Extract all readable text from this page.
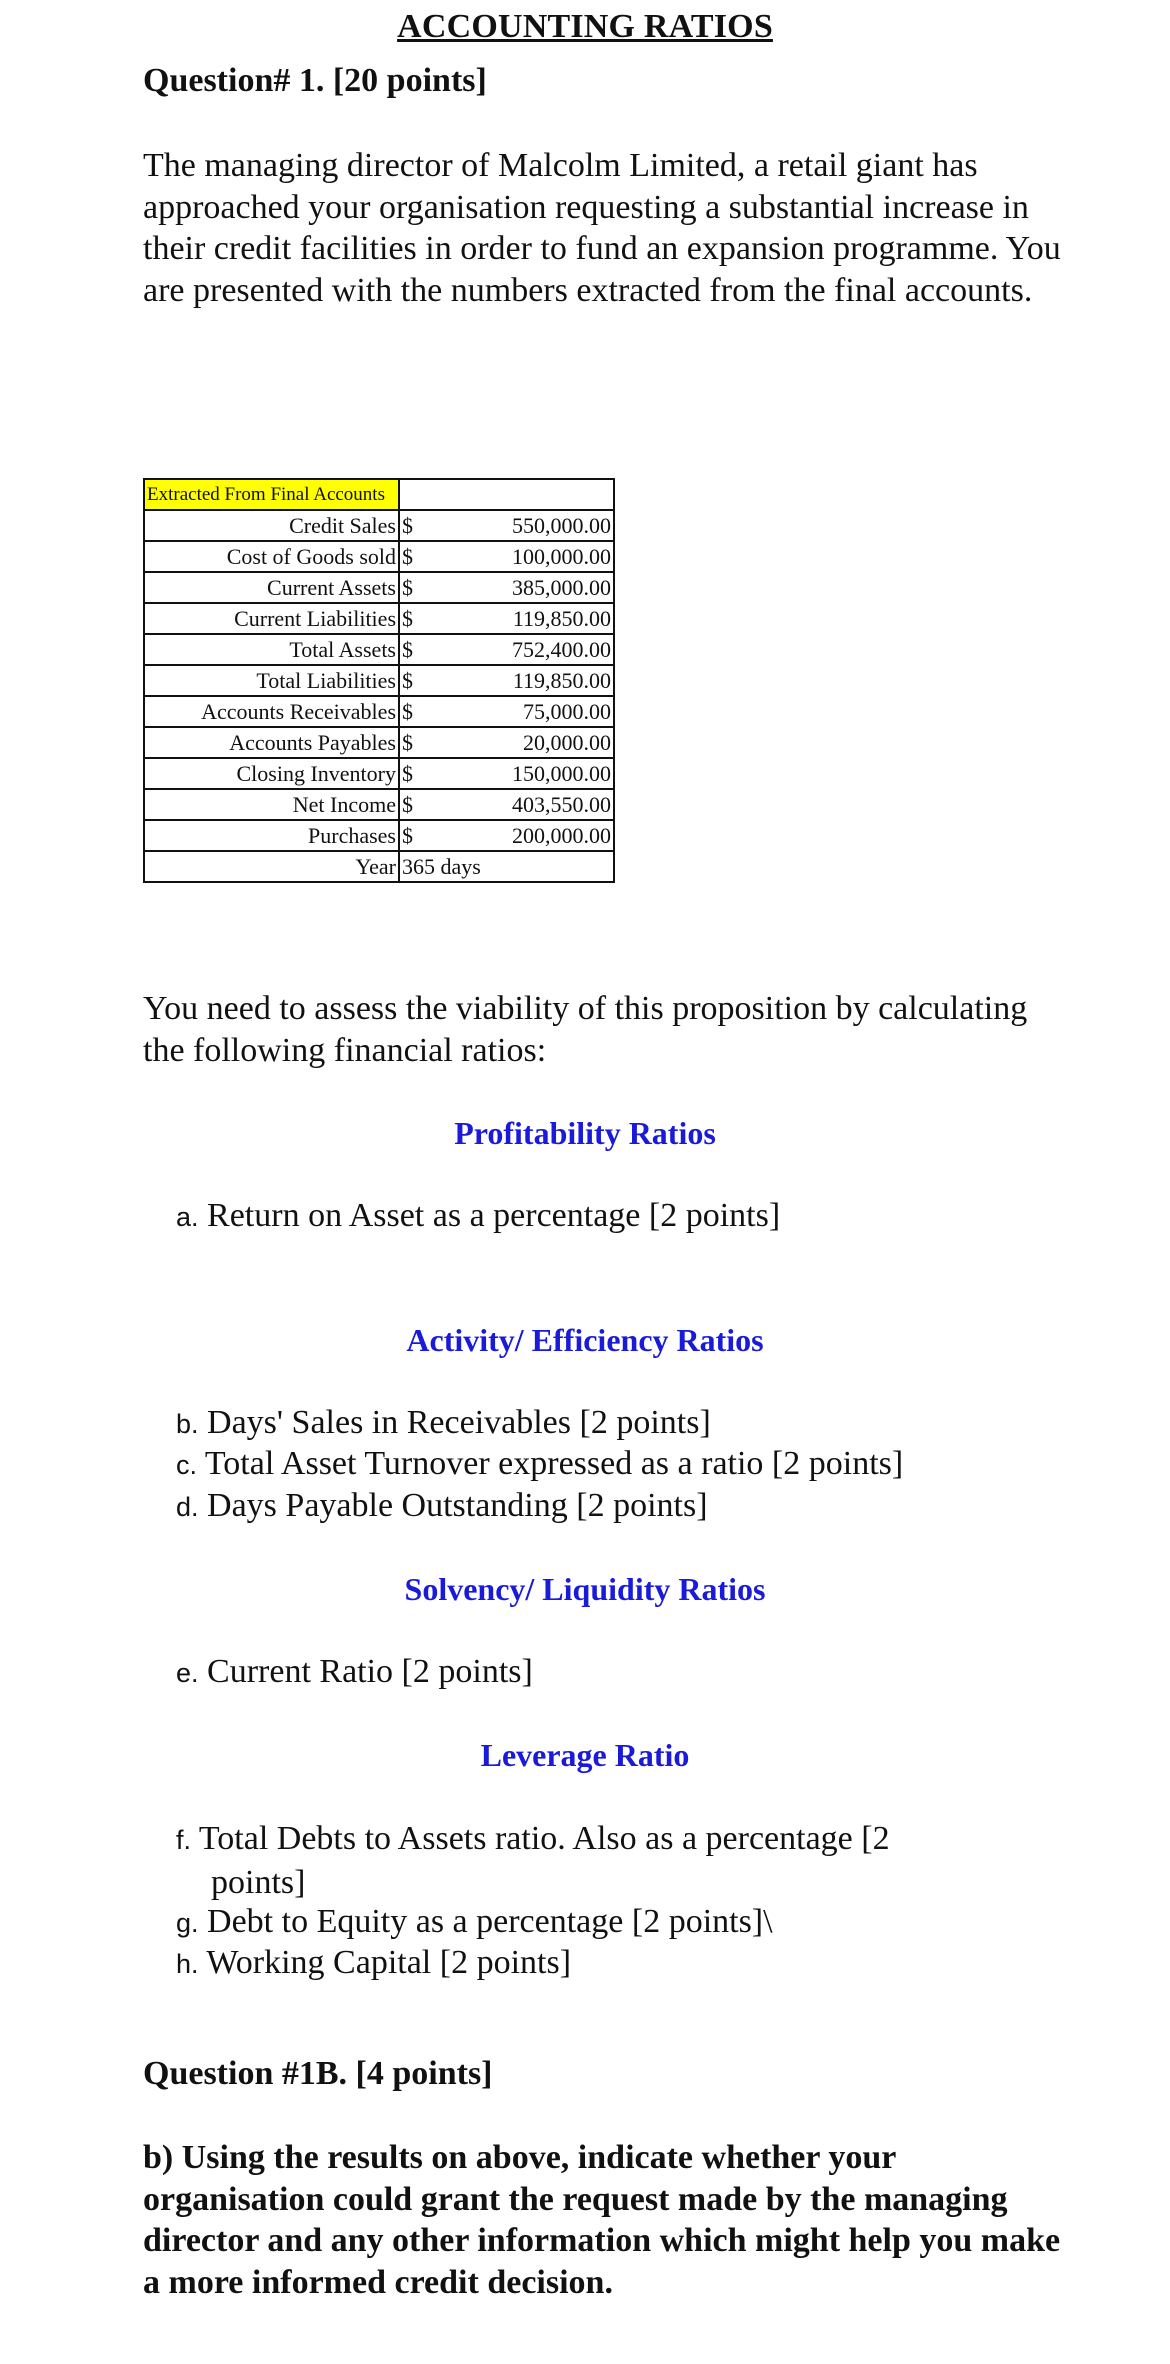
ACCOUNTING RATIOS
Question# 1. [20 points]
The managing director of Malcolm Limited, a retail giant has approached your organisation requesting a substantial increase in their credit facilities in order to fund an expansion programme. You are presented with the numbers extracted from the final accounts.
Extracted From Final Accounts	
Credit Sales	$ 550,000.00

Cost of Goods sold	$ 100,000.00

Current Assets	$ 385,000.00

Current Liabilities	$ 119,850.00

Total Assets	$ 752,400.00

Total Liabilities	$ 119,850.00

Accounts Receivables	$ 75,000.00

Accounts Payables	$ 20,000.00

Closing Inventory	$ 150,000.00

Net Income	$ 403,550.00

Purchases	$ 200,000.00

Year	365 days
You need to assess the viability of this proposition by calculating the following financial ratios:
Profitability Ratios
a. Return on Asset as a percentage [2 points]
Activity/ Efficiency Ratios
b. Days' Sales in Receivables [2 points]
c. Total Asset Turnover expressed as a ratio [2 points]
d. Days Payable Outstanding [2 points]
Solvency/ Liquidity Ratios
e. Current Ratio [2 points]
Leverage Ratio
f. Total Debts to Assets ratio. Also as a percentage [2
points]
g. Debt to Equity as a percentage [2 points]\
h. Working Capital [2 points]
Question #1B. [4 points]
b) Using the results on above, indicate whether your organisation could grant the request made by the managing director and any other information which might help you make a more informed credit decision.
